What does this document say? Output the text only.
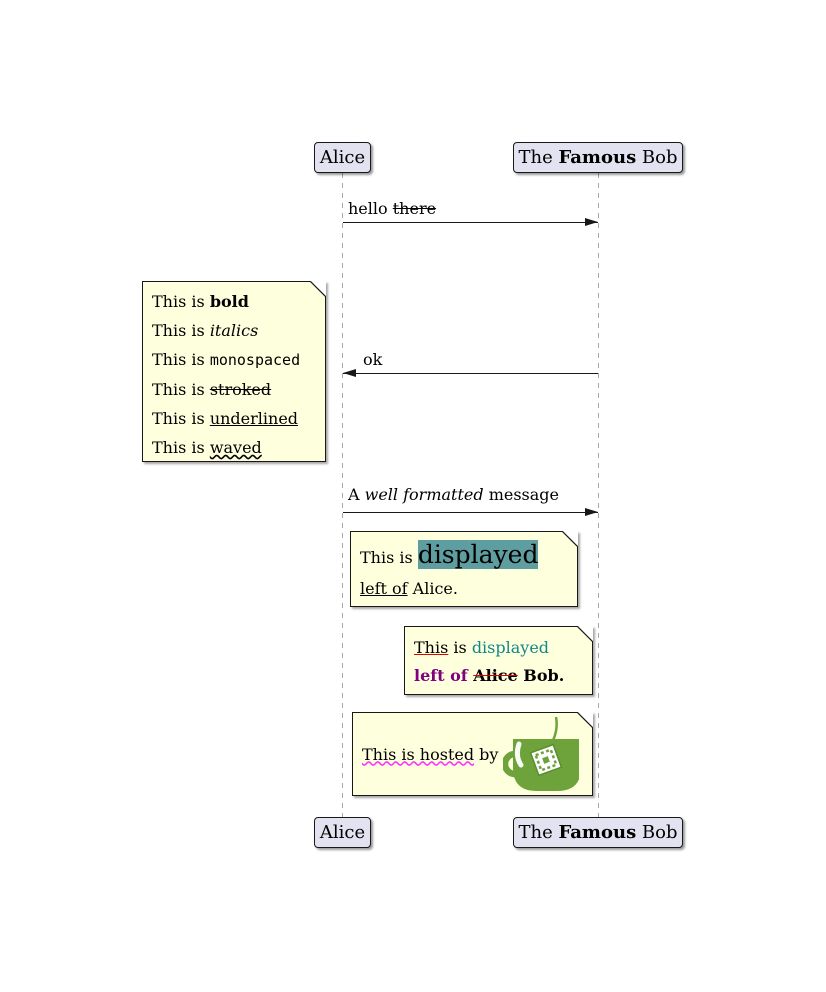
Alice	The Famous Bob
hello there
This is bold
This is italics
This is monospaced
This is stroked
This is underlined
This is waved
ok
A well formatted message
This is displayed
left of Alice.
This is displayed
left of Alice Bob.
This is hosted by
Alice	The Famous Bob
